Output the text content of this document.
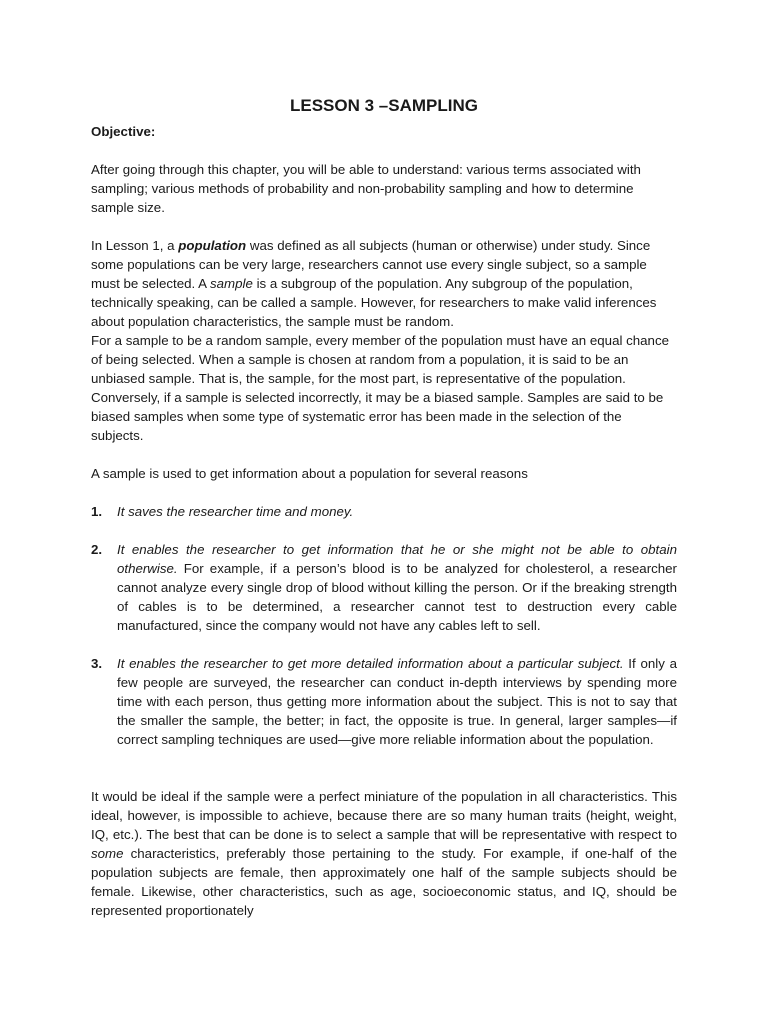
LESSON 3 –SAMPLING
Objective:

After going through this chapter, you will be able to understand: various terms associated with sampling; various methods of probability and non-probability sampling and how to determine sample size.

In Lesson 1, a population was defined as all subjects (human or otherwise) under study. Since some populations can be very large, researchers cannot use every single subject, so a sample must be selected. A sample is a subgroup of the population. Any subgroup of the population, technically speaking, can be called a sample. However, for researchers to make valid inferences about population characteristics, the sample must be random.

For a sample to be a random sample, every member of the population must have an equal chance of being selected. When a sample is chosen at random from a population, it is said to be an unbiased sample. That is, the sample, for the most part, is representative of the population. Conversely, if a sample is selected incorrectly, it may be a biased sample. Samples are said to be biased samples when some type of systematic error has been made in the selection of the subjects.

A sample is used to get information about a population for several reasons

1.	It saves the researcher time and money.
2.	It enables the researcher to get information that he or she might not be able to obtain otherwise. For example, if a person’s blood is to be analyzed for cholesterol, a researcher cannot analyze every single drop of blood without killing the person. Or if the breaking strength of cables is to be determined, a researcher cannot test to destruction every cable manufactured, since the company would not have any cables left to sell.
3.	It enables the researcher to get more detailed information about a particular subject. If only a few people are surveyed, the researcher can conduct in-depth interviews by spending more time with each person, thus getting more information about the subject. This is not to say that the smaller the sample, the better; in fact, the opposite is true. In general, larger samples—if correct sampling techniques are used—give more reliable information about the population.

It would be ideal if the sample were a perfect miniature of the population in all characteristics. This ideal, however, is impossible to achieve, because there are so many human traits (height, weight, IQ, etc.). The best that can be done is to select a sample that will be representative with respect to some characteristics, preferably those pertaining to the study. For example, if one-half of the population subjects are female, then approximately one half of the sample subjects should be female. Likewise, other characteristics, such as age, socioeconomic status, and IQ, should be represented proportionately
